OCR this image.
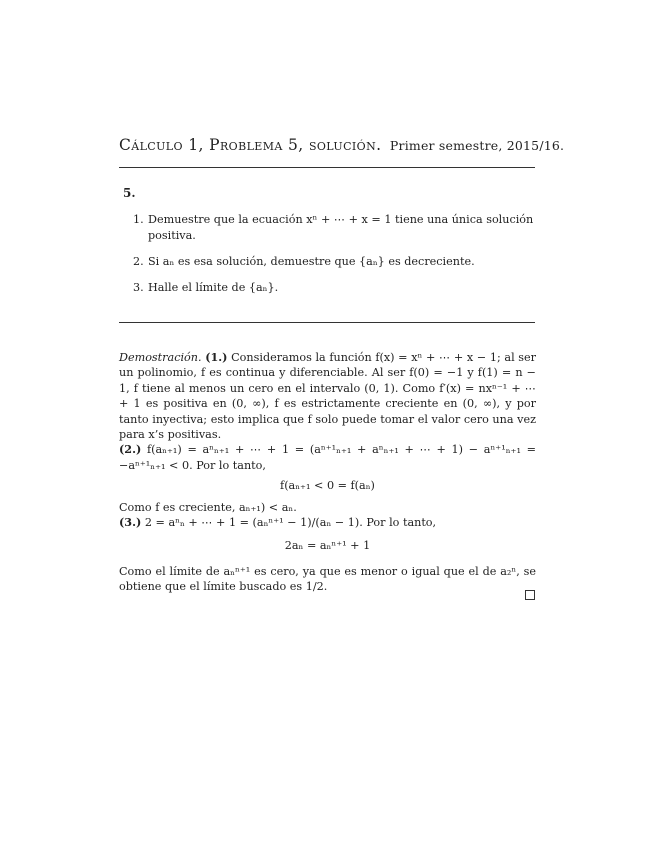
Cálculo 1, Problema 5, solución. Primer semestre, 2015/16.
5.
1. Demuestre que la ecuación xⁿ + ⋯ + x = 1 tiene una única solución positiva.
2. Si aₙ es esa solución, demuestre que {aₙ} es decreciente.
3. Halle el límite de {aₙ}.

Demostración. (1.) Consideramos la función f(x) = xⁿ + ⋯ + x − 1; al ser un polinomio, f es continua y diferenciable. Al ser f(0) = −1 y f(1) = n − 1, f tiene al menos un cero en el intervalo (0, 1). Como f′(x) = nxⁿ⁻¹ + ⋯ + 1 es positiva en (0, ∞), f es estrictamente creciente en (0, ∞), y por tanto inyectiva; esto implica que f solo puede tomar el valor cero una vez para x’s positivas.

(2.) f(aₙ₊₁) = aⁿₙ₊₁ + ⋯ + 1 = (aⁿ⁺¹ₙ₊₁ + aⁿₙ₊₁ + ⋯ + 1) − aⁿ⁺¹ₙ₊₁ = −aⁿ⁺¹ₙ₊₁ < 0. Por lo tanto,

f(aₙ₊₁ < 0 = f(aₙ)

Como f es creciente, aₙ₊₁) < aₙ.

(3.) 2 = aⁿₙ + ⋯ + 1 = (aₙⁿ⁺¹ − 1)/(aₙ − 1). Por lo tanto,

2aₙ = aₙⁿ⁺¹ + 1

Como el límite de aₙⁿ⁺¹ es cero, ya que es menor o igual que el de a₂ⁿ, se obtiene que el límite buscado es 1/2.
